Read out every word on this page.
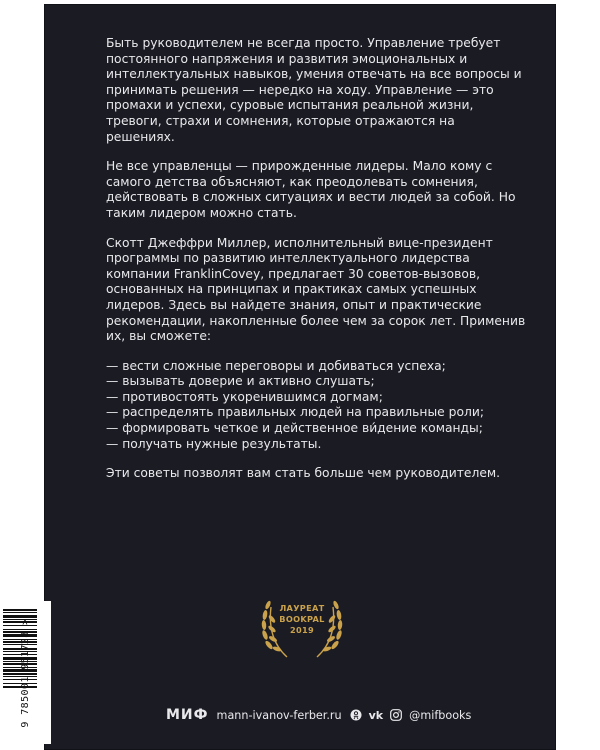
Быть руководителем не всегда просто. Управление требует постоянного напряжения и развития эмоциональных и интеллектуальных навыков, умения отвечать на все вопросы и принимать решения — нередко на ходу. Управление — это промахи и успехи, суровые испытания реальной жизни, тревоги, страхи и сомнения, которые отражаются на решениях.

Не все управленцы — прирожденные лидеры. Мало кому с самого детства объясняют, как преодолевать сомнения, действовать в сложных ситуациях и вести людей за собой. Но таким лидером можно стать.

Скотт Джеффри Миллер, исполнительный вице-президент программы по развитию интеллектуального лидерства компании FranklinCovey, предлагает 30 советов-вызовов, основанных на принципах и практиках самых успешных лидеров. Здесь вы найдете знания, опыт и практические рекомендации, накопленные более чем за сорок лет. Применив их, вы сможете:

— вести сложные переговоры и добиваться успеха;
— вызывать доверие и активно слушать;
— противостоять укоренившимся догмам;
— распределять правильных людей на правильные роли;
— формировать четкое и действенное ви́дение команды;
— получать нужные результаты.

Эти советы позволят вам стать больше чем руководителем.

ЛАУРЕАТ
BOOKPAL
2019
МИФ mann-ivanov-ferber.ru vk @mifbooks
9 785001 951728 >
